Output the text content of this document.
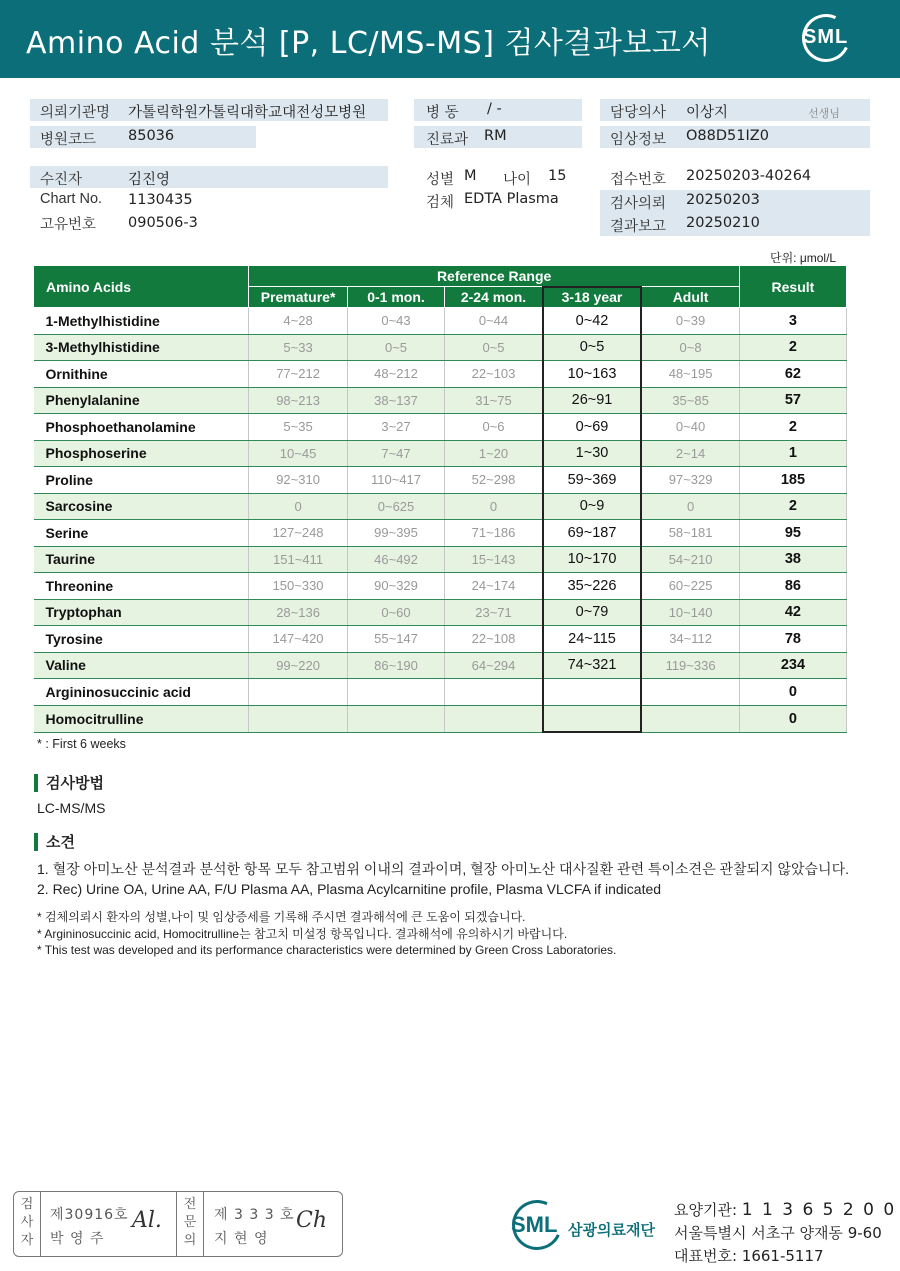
Amino Acid 분석 [P, LC/MS-MS] 검사결과보고서	SML
의뢰기관명 가톨릭학원가톨릭대학교대전성모병원
병원코드 85036
병 동 / -
진료과 RM
담당의사 이상지	선생님
임상정보 O88D51IZ0
수진자	김진영
Chart No. 1130435
고유번호 090506-3
성별 M 나이 15
검체 EDTA Plasma
접수번호 20250203-40264
검사의뢰 20250203
결과보고 20250210
단위: μmol/L
Amino Acids	Reference Range					Result
	Premature*	0-1 mon.	2-24 mon.	3-18 year	Adult	
1-Methylhistidine	4~28	0~43	0~44	0~42	0~39	3
3-Methylhistidine	5~33	0~5	0~5	0~5	0~8	2
Ornithine	77~212	48~212	22~103	10~163	48~195	62
Phenylalanine	98~213	38~137	31~75	26~91	35~85	57
Phosphoethanolamine	5~35	3~27	0~6	0~69	0~40	2
Phosphoserine	10~45	7~47	1~20	1~30	2~14	1
Proline	92~310	110~417	52~298	59~369	97~329	185
Sarcosine	0	0~625	0	0~9	0	2
Serine	127~248	99~395	71~186	69~187	58~181	95
Taurine	151~411	46~492	15~143	10~170	54~210	38
Threonine	150~330	90~329	24~174	35~226	60~225	86
Tryptophan	28~136	0~60	23~71	0~79	10~140	42
Tyrosine	147~420	55~147	22~108	24~115	34~112	78
Valine	99~220	86~190	64~294	74~321	119~336	234
Argininosuccinic acid						0
Homocitrulline						0
* : First 6 weeks
검사방법
LC-MS/MS
소견
1. 혈장 아미노산 분석결과 분석한 항목 모두 참고범위 이내의 결과이며, 혈장 아미노산 대사질환 관련 특이소견은 관찰되지 않았습니다.
2. Rec) Urine OA, Urine AA, F/U Plasma AA, Plasma Acylcarnitine profile, Plasma VLCFA if indicated
* 검체의뢰시 환자의 성별,나이 및 임상증세를 기록해 주시면 결과해석에 큰 도움이 되겠습니다.
* Argininosuccinic acid, Homocitrulline는 참고치 미설정 항목입니다. 결과해석에 유의하시기 바랍니다.
* This test was developed and its performance characteristics were determined by Green Cross Laboratories.
검사자
제30916호
박 영 주
Al.
전문의
제 3 3 3 호
지 현 영
Ch	SML 삼광의료재단
요양기관: 1 1 3 6 5 2 0 0
서울특별시 서초구 양재동 9-60
대표번호: 1661-5117
